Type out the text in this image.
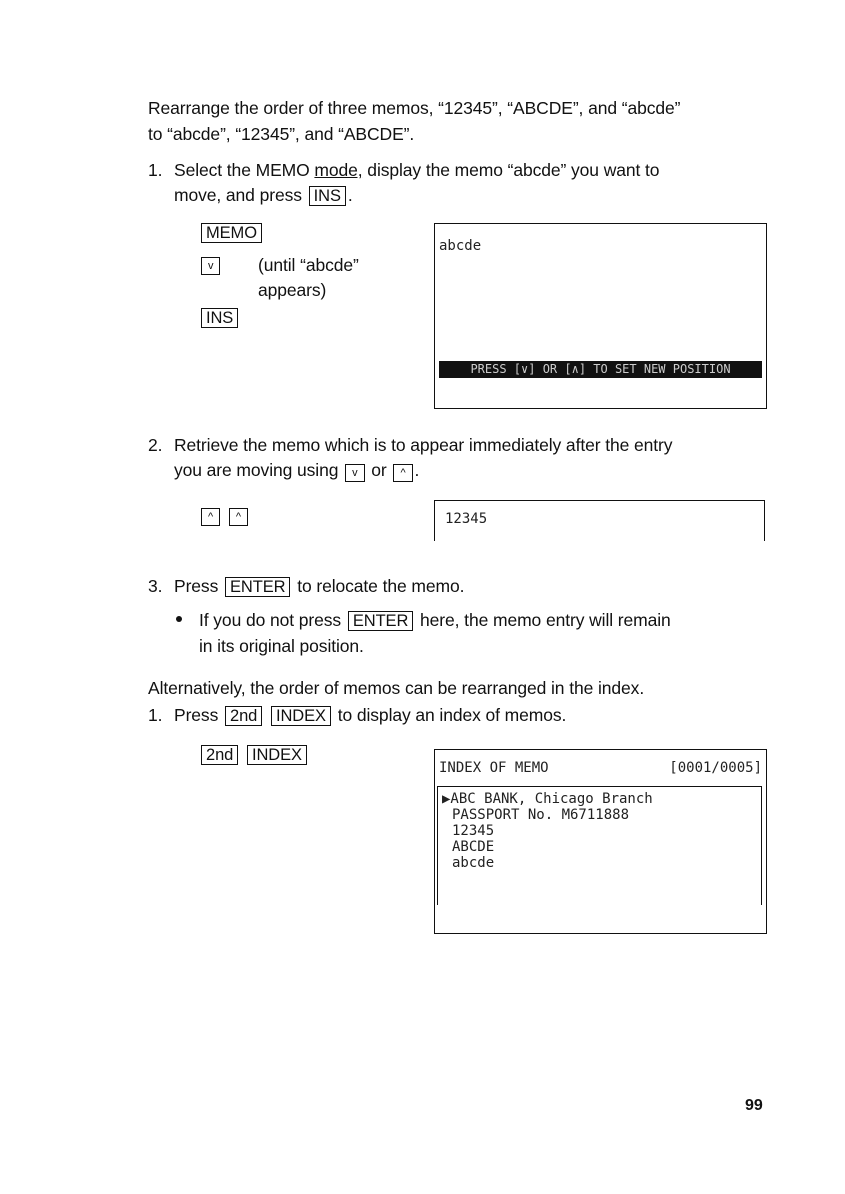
Rearrange the order of three memos, “12345”, “ABCDE”, and “abcde”
to “abcde”, “12345”, and “ABCDE”.
1. Select the MEMO mode, display the memo “abcde” you want to
move, and press INS .
MEMO
v	(until “abcde”
appears)
INS
abcde
PRESS [∨] OR [∧] TO SET NEW POSITION
2. Retrieve the memo which is to appear immediately after the entry
you are moving using v or ^ .
^ ^	12345
3. Press ENTER to relocate the memo.
If you do not press ENTER here, the memo entry will remain
in its original position.
Alternatively, the order of memos can be rearranged in the index.
1. Press 2nd INDEX to display an index of memos.
2nd INDEX
INDEX OF MEMO	[0001/0005]
▶ABC BANK, Chicago Branch
PASSPORT No. M6711888
12345
ABCDE
abcde
99
